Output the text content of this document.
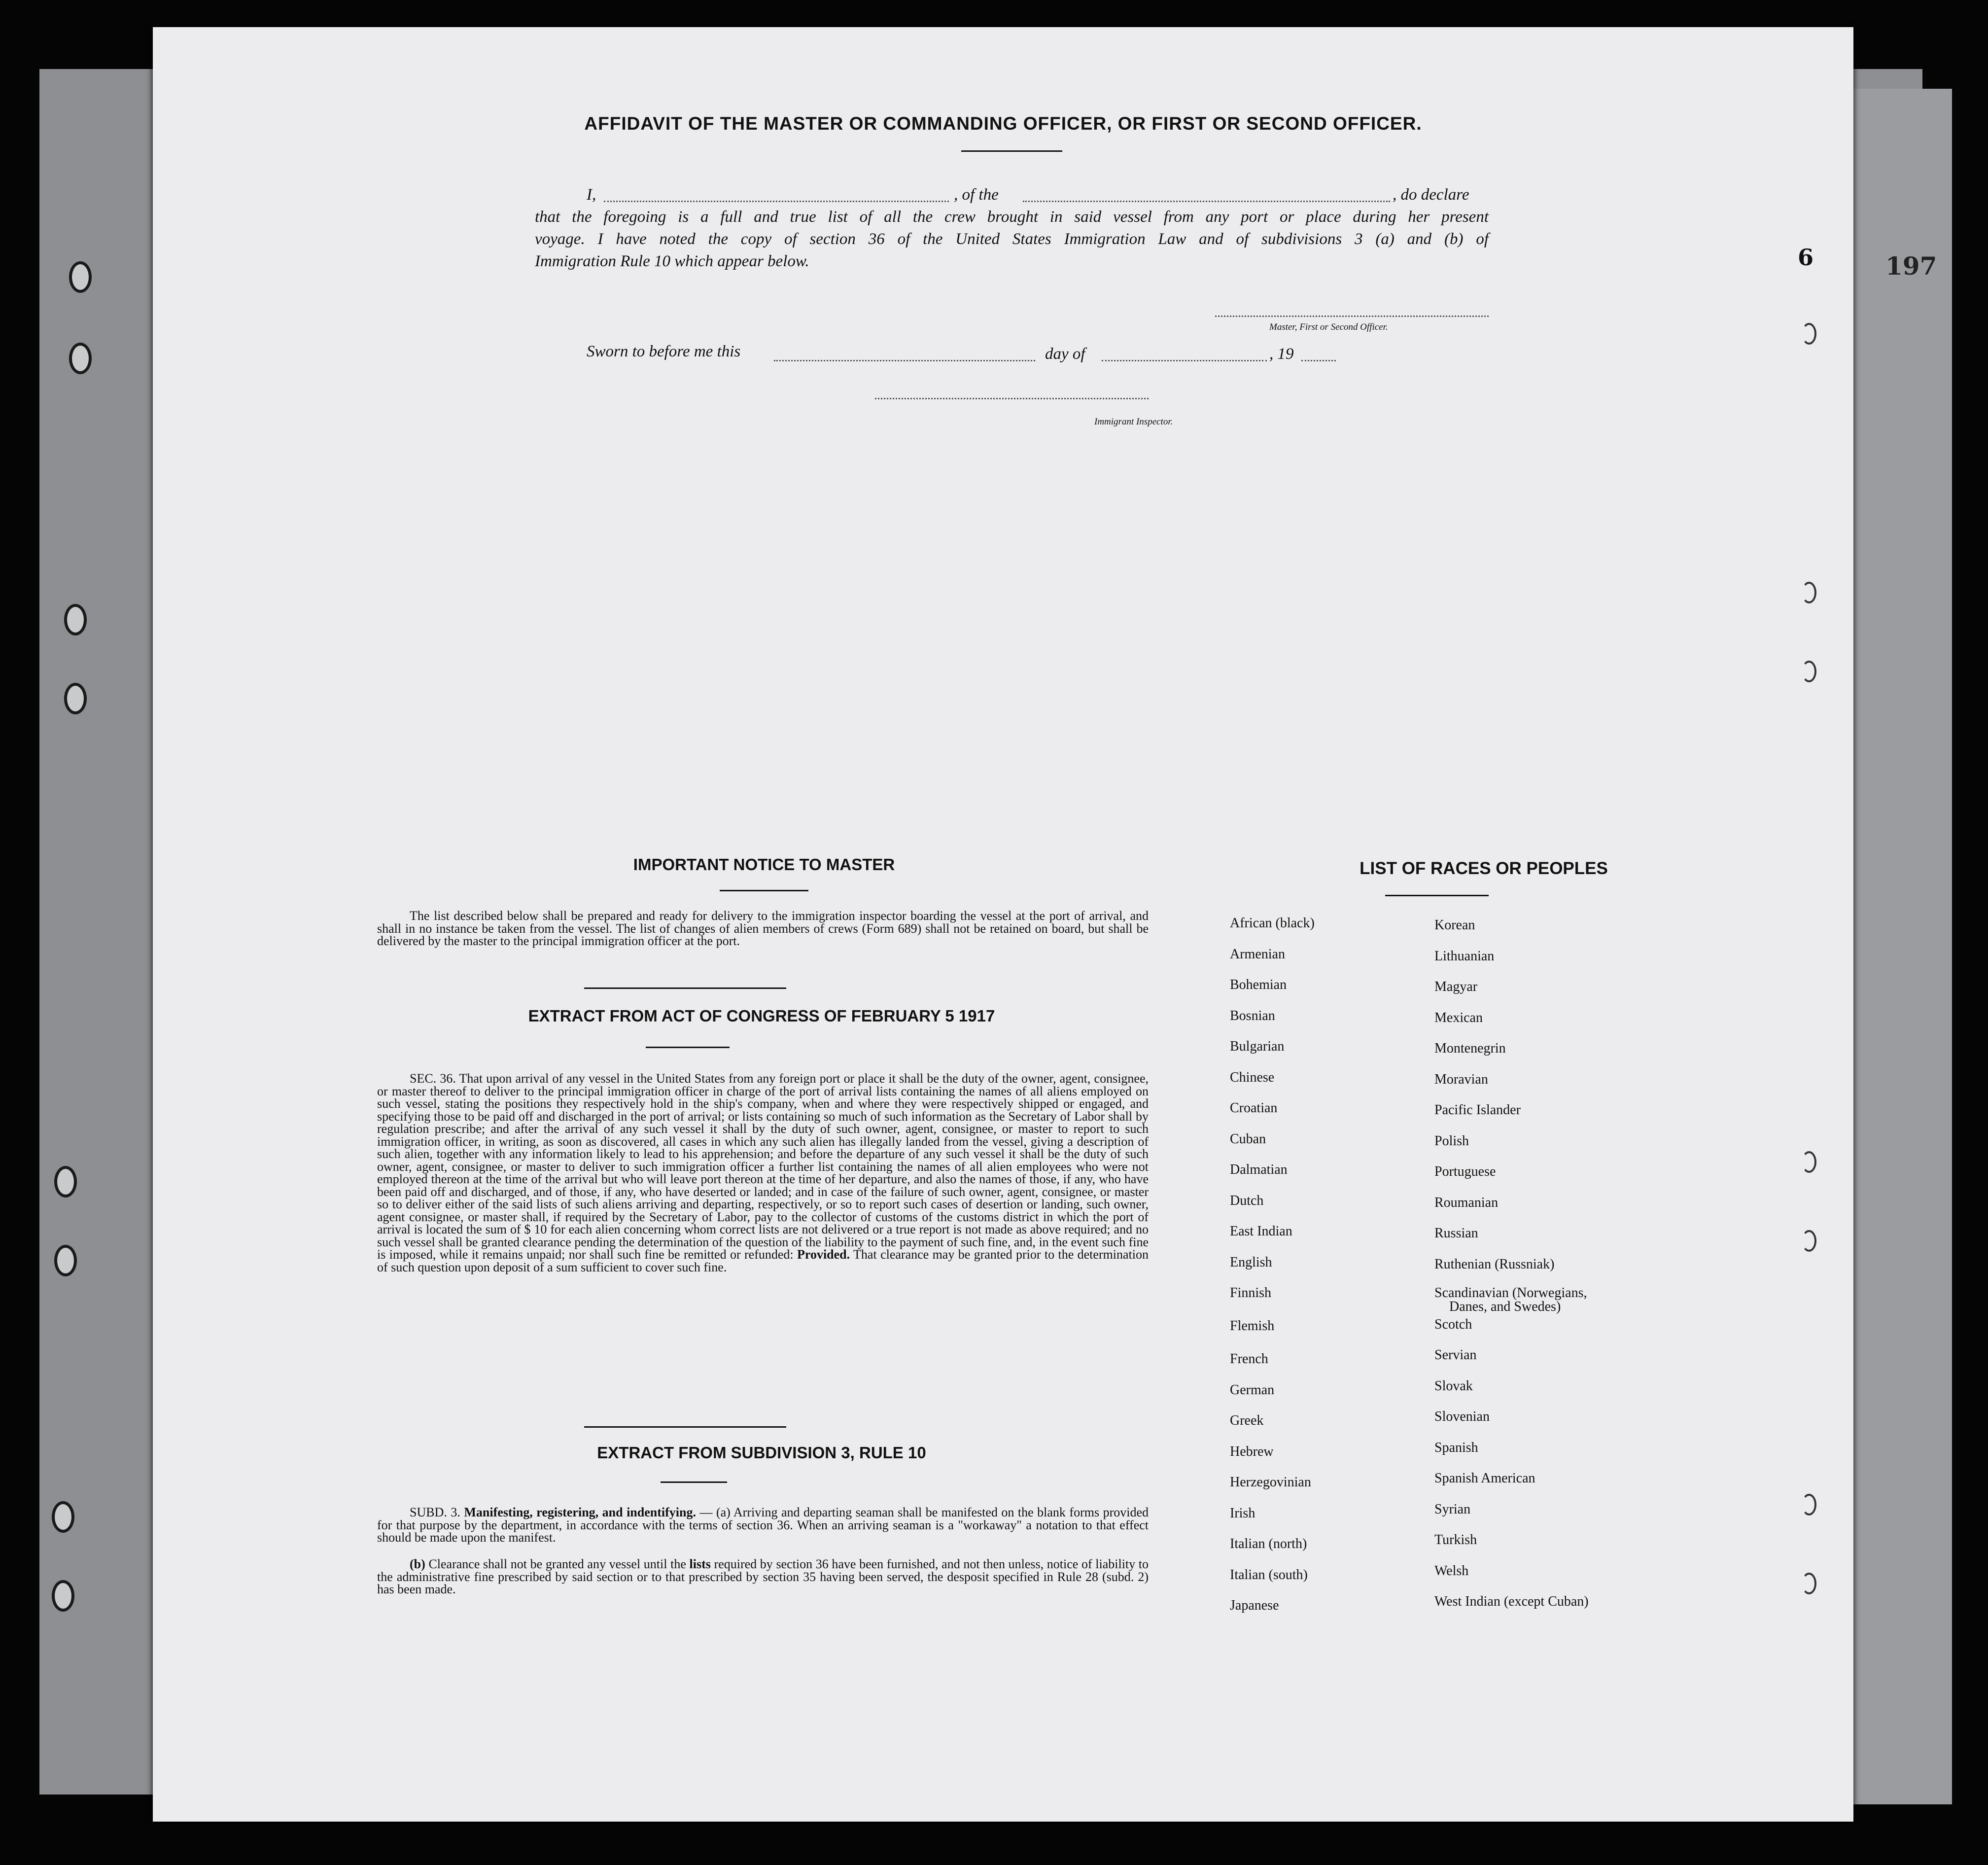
197
AFFIDAVIT OF THE MASTER OR COMMANDING OFFICER, OR FIRST OR SECOND OFFICER.
I,	, of the	, do declare
that the foregoing is a full and true list of all the crew brought in said vessel from any port or place during her present
voyage. I have noted the copy of section 36 of the United States Immigration Law and of subdivisions 3 (a) and (b) of
Immigration Rule 10 which appear below.
Master, First or Second Officer.
Sworn to before me this	day of	, 19
Immigrant Inspector.
IMPORTANT NOTICE TO MASTER
The list described below shall be prepared and ready for delivery to the immigration inspector boarding the vessel at the port of arrival, and shall in no instance be taken from the vessel. The list of changes of alien members of crews (Form 689) shall not be retained on board, but shall be delivered by the master to the principal immigration officer at the port.
EXTRACT FROM ACT OF CONGRESS OF FEBRUARY 5 1917
SEC. 36. That upon arrival of any vessel in the United States from any foreign port or place it shall be the duty of the owner, agent, consignee, or master thereof to deliver to the principal immigration officer in charge of the port of arrival lists containing the names of all aliens employed on such vessel, stating the positions they respectively hold in the ship's company, when and where they were respectively shipped or engaged, and specifying those to be paid off and discharged in the port of arrival; or lists containing so much of such information as the Secretary of Labor shall by regulation prescribe; and after the arrival of any such vessel it shall by the duty of such owner, agent, consignee, or master to report to such immigration officer, in writing, as soon as discovered, all cases in which any such alien has illegally landed from the vessel, giving a description of such alien, together with any information likely to lead to his apprehension; and before the departure of any such vessel it shall be the duty of such owner, agent, consignee, or master to deliver to such immigration officer a further list containing the names of all alien employees who were not employed thereon at the time of the arrival but who will leave port thereon at the time of her departure, and also the names of those, if any, who have been paid off and discharged, and of those, if any, who have deserted or landed; and in case of the failure of such owner, agent, consignee, or master so to deliver either of the said lists of such aliens arriving and departing, respectively, or so to report such cases of desertion or landing, such owner, agent consignee, or master shall, if required by the Secretary of Labor, pay to the collector of customs of the customs district in which the port of arrival is located the sum of $ 10 for each alien concerning whom correct lists are not delivered or a true report is not made as above required; and no such vessel shall be granted clearance pending the determination of the question of the liability to the payment of such fine, and, in the event such fine is imposed, while it remains unpaid; nor shall such fine be remitted or refunded: Provided. That clearance may be granted prior to the determination of such question upon deposit of a sum sufficient to cover such fine.
EXTRACT FROM SUBDIVISION 3, RULE 10
SUBD. 3. Manifesting, registering, and indentifying. — (a) Arriving and departing seaman shall be manifested on the blank forms provided for that purpose by the department, in accordance with the terms of section 36. When an arriving seaman is a "workaway" a notation to that effect should be made upon the manifest.
(b) Clearance shall not be granted any vessel until the lists required by section 36 have been furnished, and not then unless, notice of liability to the administrative fine prescribed by said section or to that prescribed by section 35 having been served, the desposit specified in Rule 28 (subd. 2) has been made.
LIST OF RACES OR PEOPLES
African (black)
Armenian
Bohemian
Bosnian
Bulgarian
Chinese
Croatian
Cuban
Dalmatian
Dutch
East Indian
English
Finnish
Flemish
French
German
Greek
Hebrew
Herzegovinian
Irish
Italian (north)
Italian (south)
Japanese
Korean
Lithuanian
Magyar
Mexican
Montenegrin
Moravian
Pacific Islander
Polish
Portuguese
Roumanian
Russian
Ruthenian (Russniak)
Scandinavian (Norwegians,
Danes, and Swedes)
Scotch
Servian
Slovak
Slovenian
Spanish
Spanish American
Syrian
Turkish
Welsh
West Indian (except Cuban)
6
